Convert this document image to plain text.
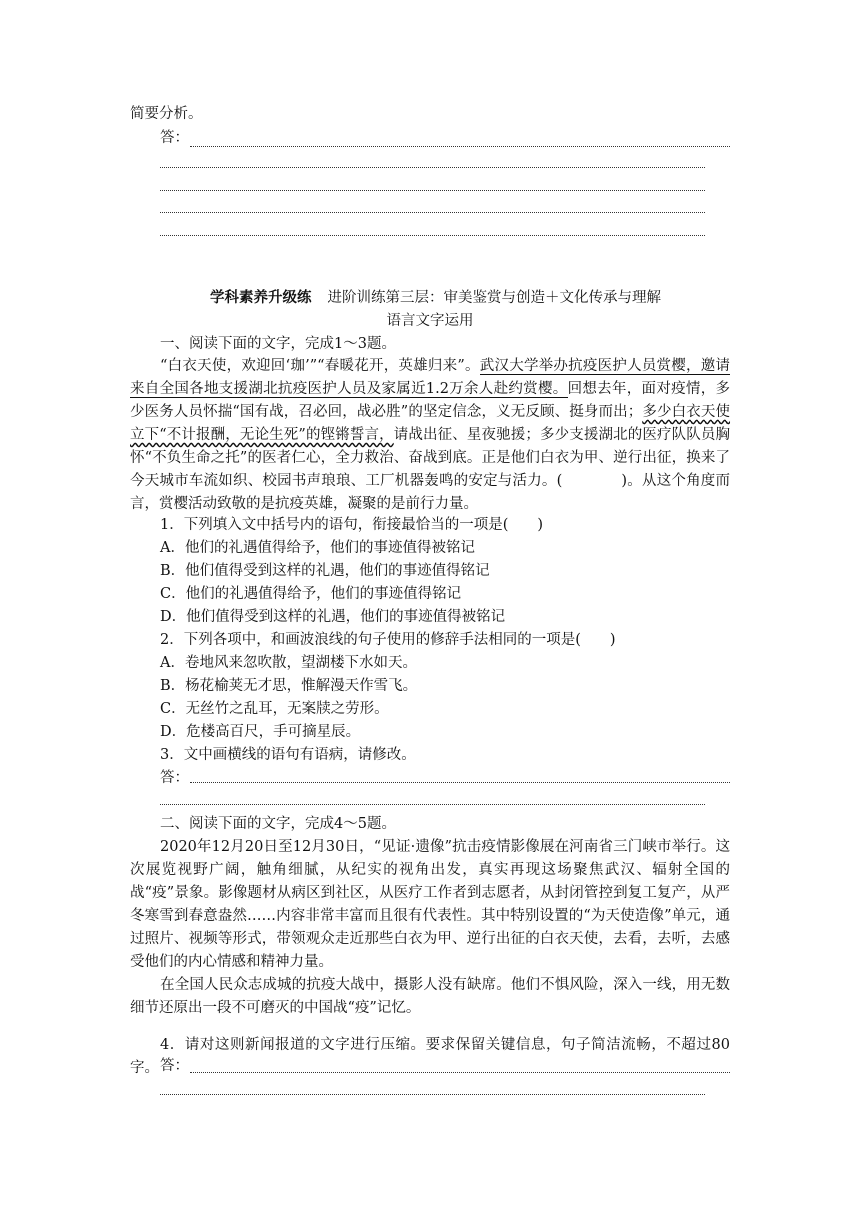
简要分析。
答：
学科素养升级练 进阶训练第三层：审美鉴赏与创造＋文化传承与理解
语言文字运用
一、阅读下面的文字，完成1～3题。

“白衣天使，欢迎回‘珈’”“春暖花开，英雄归来”。武汉大学举办抗疫医护人员赏樱，邀请来自全国各地支援湖北抗疫医护人员及家属近1.2万余人赴约赏樱。回想去年，面对疫情，多少医务人员怀揣“国有战，召必回，战必胜”的坚定信念，义无反顾、挺身而出；多少白衣天使立下“不计报酬，无论生死”的铿锵誓言，请战出征、星夜驰援；多少支援湖北的医疗队队员胸怀“不负生命之托”的医者仁心，全力救治、奋战到底。正是他们白衣为甲、逆行出征，换来了今天城市车流如织、校园书声琅琅、工厂机器轰鸣的安定与活力。(　　　　)。从这个角度而言，赏樱活动致敬的是抗疫英雄，凝聚的是前行力量。

1．下列填入文中括号内的语句，衔接最恰当的一项是(　　)
A．他们的礼遇值得给予，他们的事迹值得被铭记
B．他们值得受到这样的礼遇，他们的事迹值得铭记
C．他们的礼遇值得给予，他们的事迹值得铭记
D．他们值得受到这样的礼遇，他们的事迹值得被铭记
2．下列各项中，和画波浪线的句子使用的修辞手法相同的一项是(　　)
A．卷地风来忽吹散，望湖楼下水如天。
B．杨花榆荚无才思，惟解漫天作雪飞。
C．无丝竹之乱耳，无案牍之劳形。
D．危楼高百尺，手可摘星辰。
3．文中画横线的语句有语病，请修改。
答：
二、阅读下面的文字，完成4～5题。

2020年12月20日至12月30日，“见证·遗像”抗击疫情影像展在河南省三门峡市举行。这次展览视野广阔，触角细腻，从纪实的视角出发，真实再现这场聚焦武汉、辐射全国的战“疫”景象。影像题材从病区到社区，从医疗工作者到志愿者，从封闭管控到复工复产，从严冬寒雪到春意盎然……内容非常丰富而且很有代表性。其中特别设置的“为天使造像”单元，通过照片、视频等形式，带领观众走近那些白衣为甲、逆行出征的白衣天使，去看，去听，去感受他们的内心情感和精神力量。

在全国人民众志成城的抗疫大战中，摄影人没有缺席。他们不惧风险，深入一线，用无数细节还原出一段不可磨灭的中国战“疫”记忆。

4．请对这则新闻报道的文字进行压缩。要求保留关键信息，句子简洁流畅，不超过80字。 答：
